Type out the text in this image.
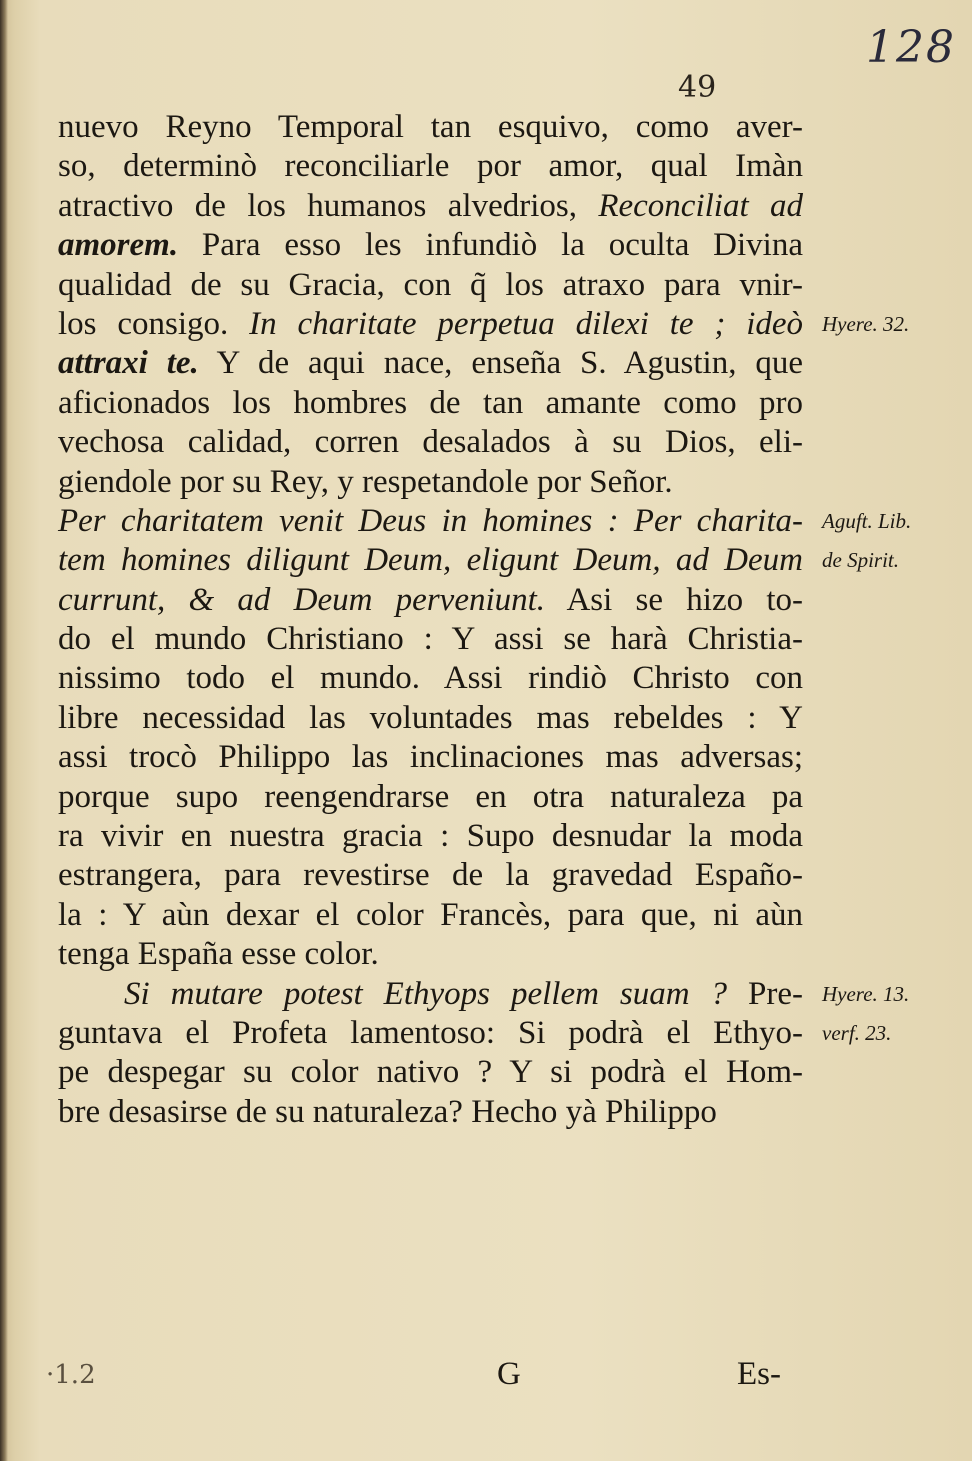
128
49
nuevo Reyno Temporal tan esquivo, como aver-
so, determinò reconciliarle por amor, qual Imàn
atractivo de los humanos alvedrios, Reconciliat ad
amorem. Para esso les infundiò la oculta Divina
qualidad de su Gracia, con q̃ los atraxo para vnir-
los consigo. In charitate perpetua dilexi te ; ideò
attraxi te. Y de aqui nace, enseña S. Agustin, que
aficionados los hombres de tan amante como pro
vechosa calidad, corren desalados à su Dios, eli-
giendole por su Rey, y respetandole por Señor.
Per charitatem venit Deus in homines : Per charita-
tem homines diligunt Deum, eligunt Deum, ad Deum
currunt, & ad Deum perveniunt. Asi se hizo to-
do el mundo Christiano : Y assi se harà Christia-
nissimo todo el mundo. Assi rindiò Christo con
libre necessidad las voluntades mas rebeldes : Y
assi trocò Philippo las inclinaciones mas adversas;
porque supo reengendrarse en otra naturaleza pa
ra vivir en nuestra gracia : Supo desnudar la moda
estrangera, para revestirse de la gravedad Españo-
la : Y aùn dexar el color Francès, para que, ni aùn
tenga España esse color.
Si mutare potest Ethyops pellem suam ? Pre-
guntava el Profeta lamentoso: Si podrà el Ethyo-
pe despegar su color nativo ? Y si podrà el Hom-
bre desasirse de su naturaleza? Hecho yà Philippo
Hyere. 32.
Aguft. Lib.
de Spirit.
Hyere. 13.
verf. 23.
·1.2	G	Es-
